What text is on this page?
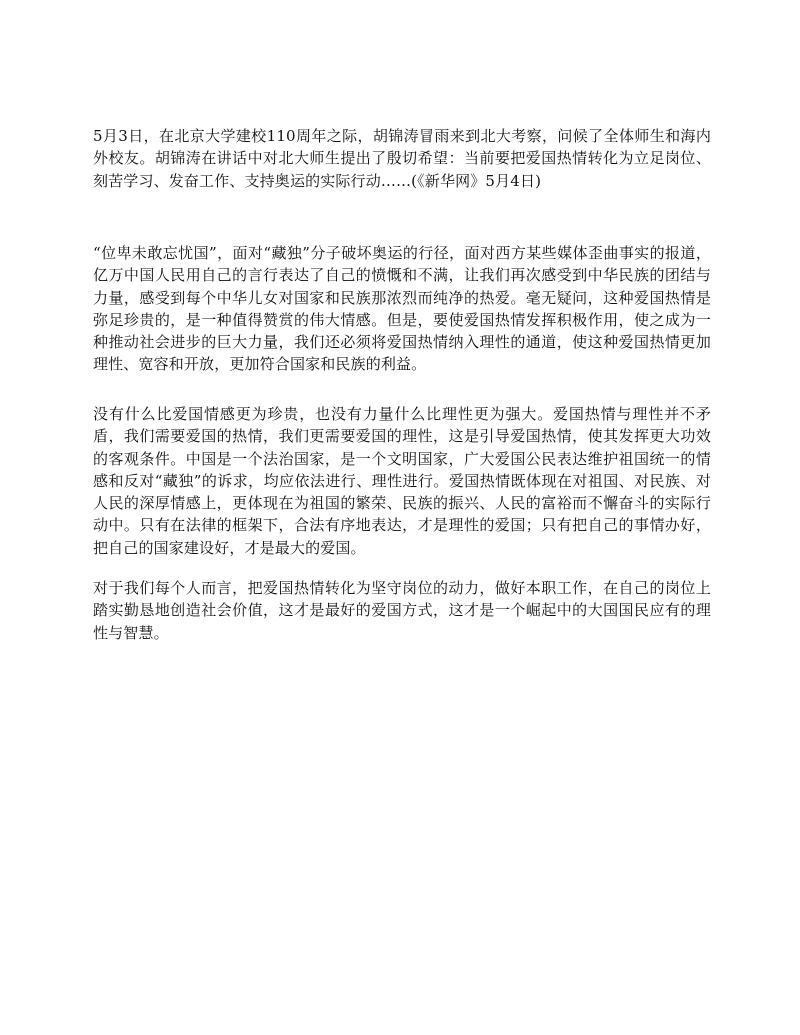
5月3日，在北京大学建校110周年之际，胡锦涛冒雨来到北大考察，问候了全体师生和海内外校友。胡锦涛在讲话中对北大师生提出了殷切希望：当前要把爱国热情转化为立足岗位、刻苦学习、发奋工作、支持奥运的实际行动……(《新华网》5月4日)

“位卑未敢忘忧国”，面对“藏独”分子破坏奥运的行径，面对西方某些媒体歪曲事实的报道，亿万中国人民用自己的言行表达了自己的愤慨和不满，让我们再次感受到中华民族的团结与力量，感受到每个中华儿女对国家和民族那浓烈而纯净的热爱。毫无疑问，这种爱国热情是弥足珍贵的，是一种值得赞赏的伟大情感。但是，要使爱国热情发挥积极作用，使之成为一种推动社会进步的巨大力量，我们还必须将爱国热情纳入理性的通道，使这种爱国热情更加理性、宽容和开放，更加符合国家和民族的利益。

没有什么比爱国情感更为珍贵，也没有力量什么比理性更为强大。爱国热情与理性并不矛盾，我们需要爱国的热情，我们更需要爱国的理性，这是引导爱国热情，使其发挥更大功效的客观条件。中国是一个法治国家，是一个文明国家，广大爱国公民表达维护祖国统一的情感和反对“藏独”的诉求，均应依法进行、理性进行。爱国热情既体现在对祖国、对民族、对人民的深厚情感上，更体现在为祖国的繁荣、民族的振兴、人民的富裕而不懈奋斗的实际行动中。只有在法律的框架下，合法有序地表达，才是理性的爱国；只有把自己的事情办好，把自己的国家建设好，才是最大的爱国。

对于我们每个人而言，把爱国热情转化为坚守岗位的动力，做好本职工作，在自己的岗位上踏实勤恳地创造社会价值，这才是最好的爱国方式，这才是一个崛起中的大国国民应有的理性与智慧。
